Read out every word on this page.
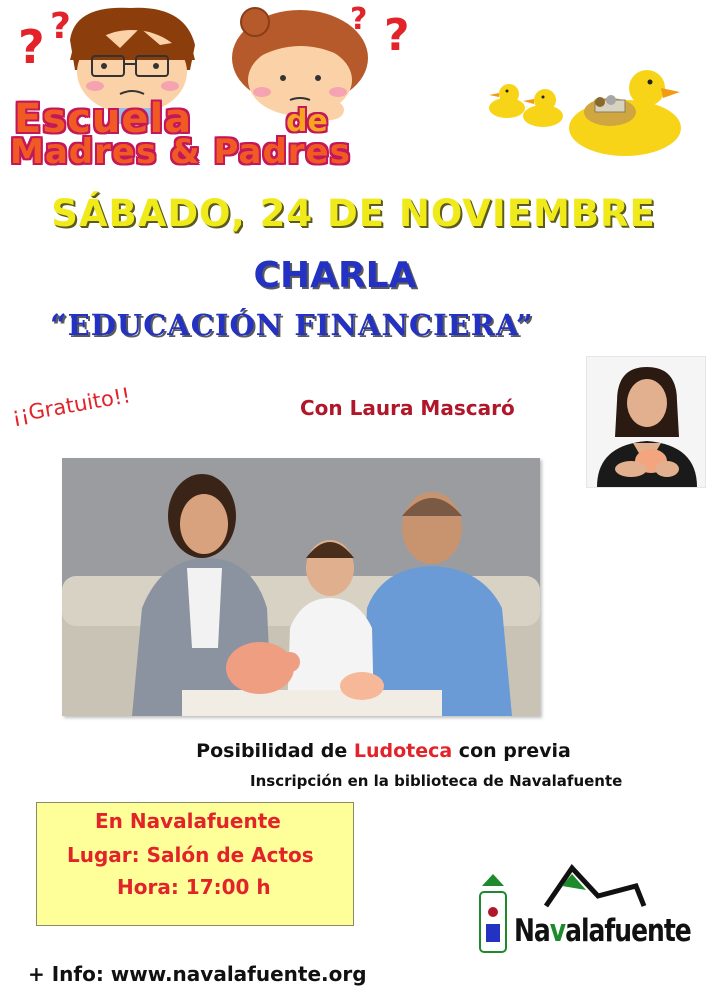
? ?	? ?
Escuela	de
Madres & Padres
SÁBADO, 24 DE NOVIEMBRE
CHARLA
“EDUCACIÓN FINANCIERA”
¡¡Gratuito!!	Con Laura Mascaró
Posibilidad de Ludoteca con previa
Inscripción en la biblioteca de Navalafuente
En Navalafuente
Lugar: Salón de Actos
Hora: 17:00 h
Navalafuente
+ Info: www.navalafuente.org
